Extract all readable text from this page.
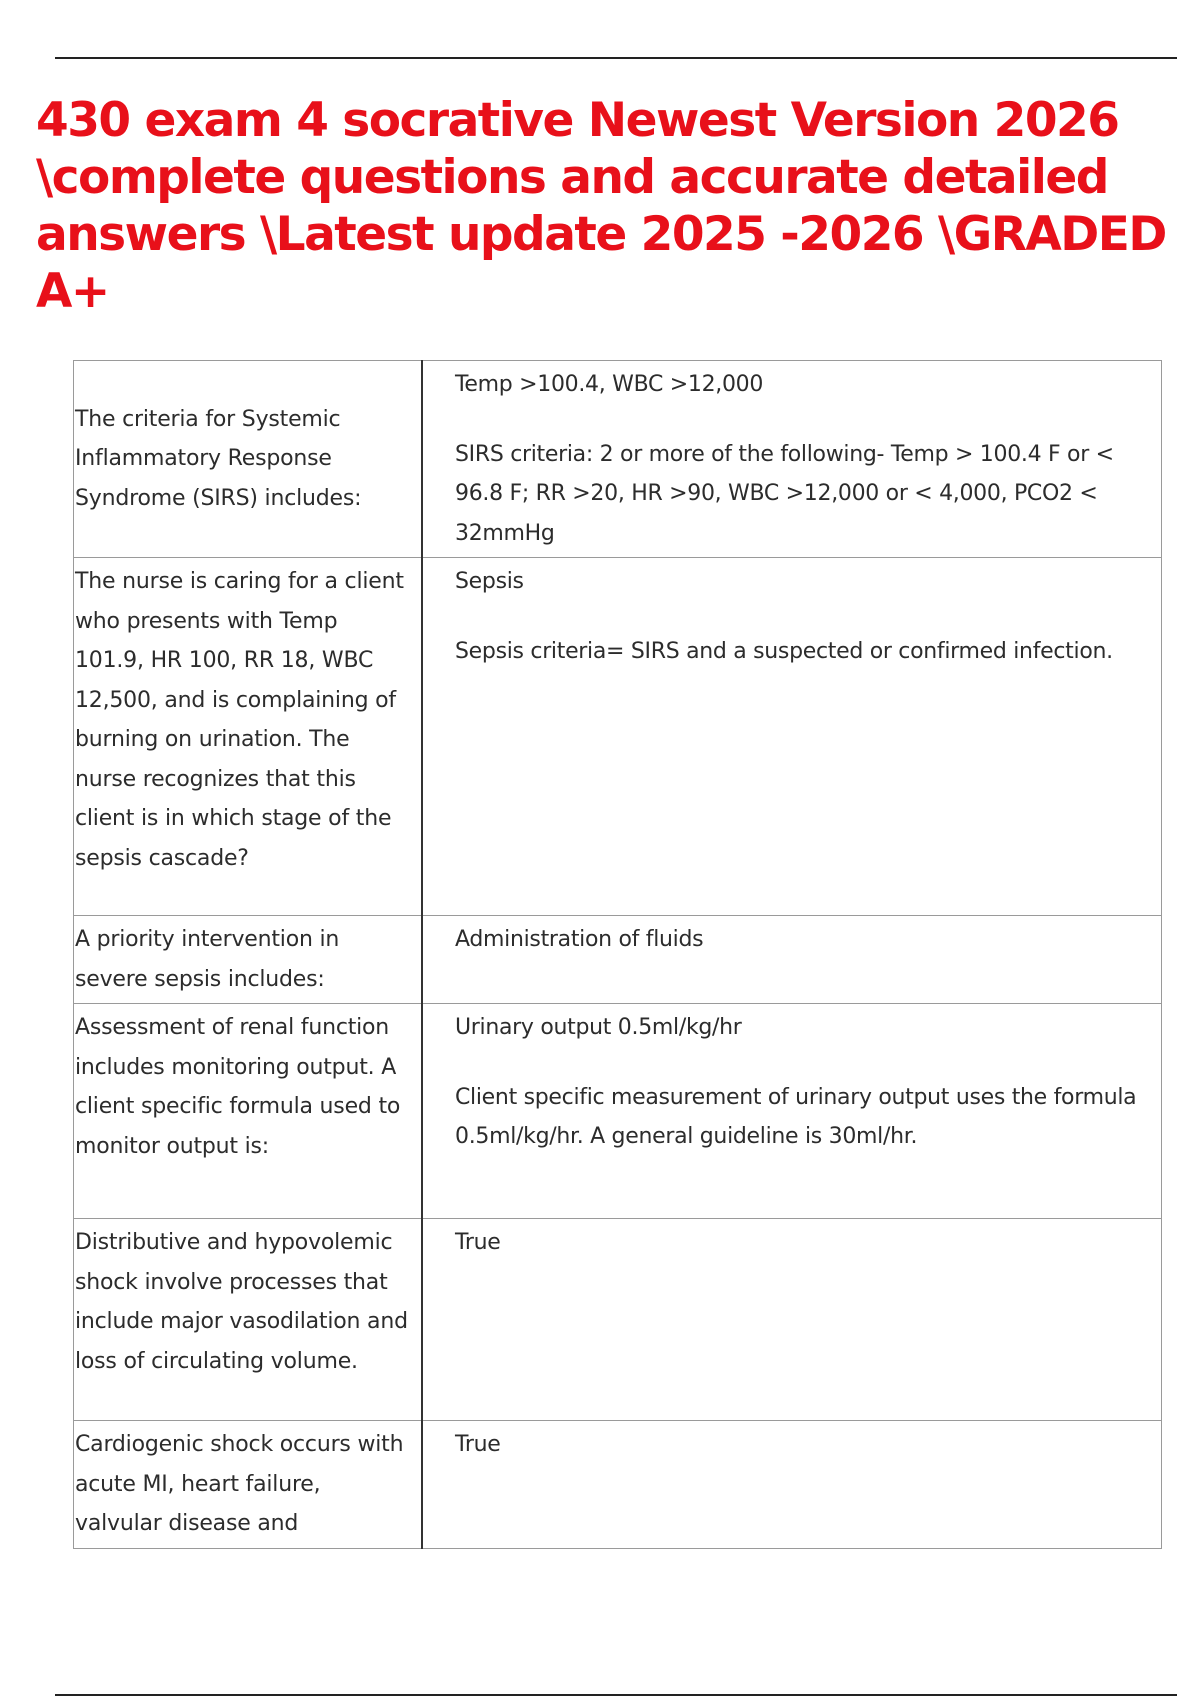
430 exam 4 socrative Newest Version 2026
\complete questions and accurate detailed
answers \Latest update 2025 -2026 \GRADED A+
The criteria for Systemic Inflammatory Response Syndrome (SIRS) includes:	Temp >100.4, WBC >12,000
SIRS criteria: 2 or more of the following- Temp > 100.4 F or < 96.8 F; RR >20, HR >90, WBC >12,000 or < 4,000, PCO2 < 32mmHg

The nurse is caring for a client who presents with Temp 101.9, HR 100, RR 18, WBC 12,500, and is complaining of burning on urination. The nurse recognizes that this client is in which stage of the sepsis cascade?	Sepsis
Sepsis criteria= SIRS and a suspected or confirmed infection.

A priority intervention in severe sepsis includes:	Administration of fluids

Assessment of renal function includes monitoring output. A client specific formula used to monitor output is:	Urinary output 0.5ml/kg/hr
Client specific measurement of urinary output uses the formula 0.5ml/kg/hr. A general guideline is 30ml/hr.

Distributive and hypovolemic shock involve processes that include major vasodilation and loss of circulating volume.	True

Cardiogenic shock occurs with acute MI, heart failure, valvular disease and	True
